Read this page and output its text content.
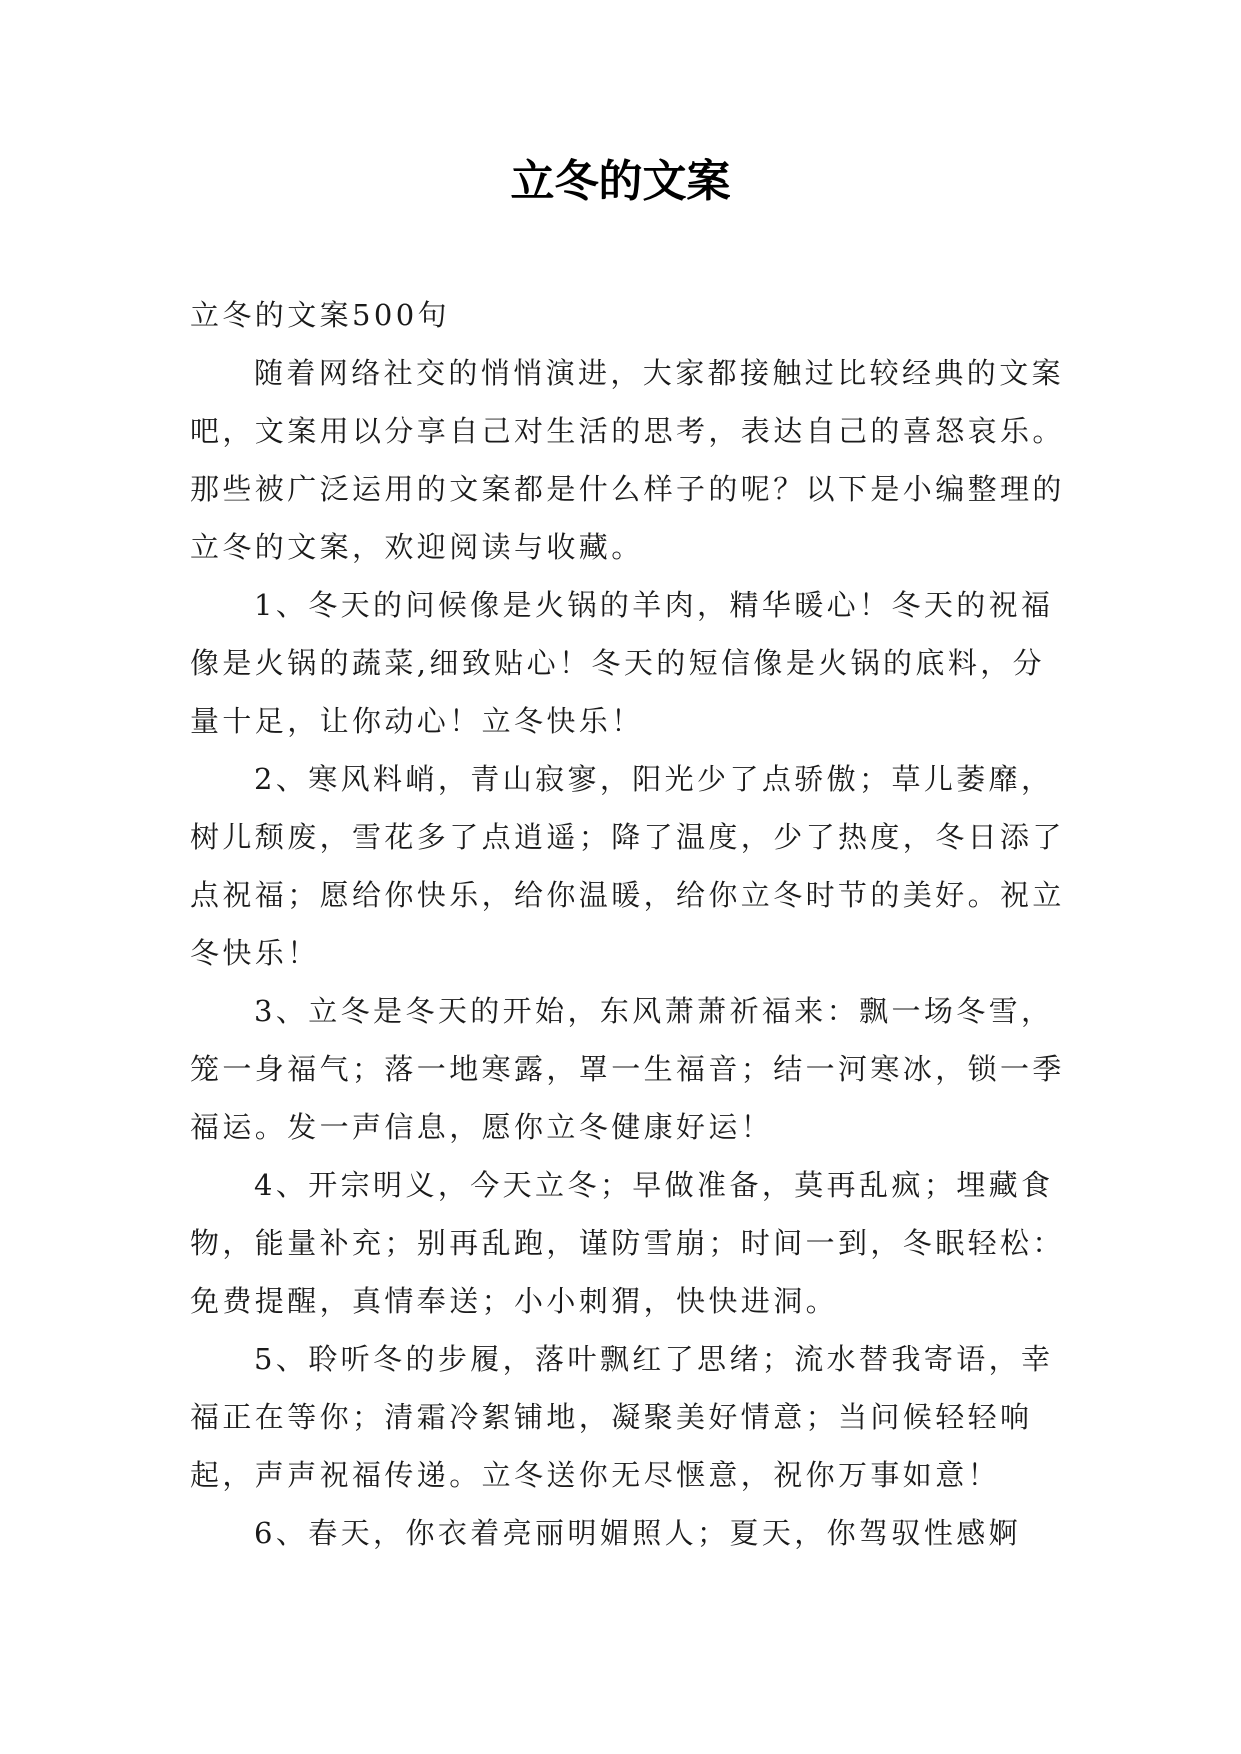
立冬的文案

立冬的文案500句

随着网络社交的悄悄演进，大家都接触过比较经典的文案吧，文案用以分享自己对生活的思考，表达自己的喜怒哀乐。那些被广泛运用的文案都是什么样子的呢？以下是小编整理的立冬的文案，欢迎阅读与收藏。

1、冬天的问候像是火锅的羊肉，精华暖心！冬天的祝福像是火锅的蔬菜,细致贴心！冬天的短信像是火锅的底料，分量十足，让你动心！立冬快乐！

2、寒风料峭，青山寂寥，阳光少了点骄傲；草儿萎靡，树儿颓废，雪花多了点逍遥；降了温度，少了热度，冬日添了点祝福；愿给你快乐，给你温暖，给你立冬时节的美好。祝立冬快乐！

3、立冬是冬天的开始，东风萧萧祈福来：飘一场冬雪，笼一身福气；落一地寒露，罩一生福音；结一河寒冰，锁一季福运。发一声信息，愿你立冬健康好运！

4、开宗明义，今天立冬；早做准备，莫再乱疯；埋藏食物，能量补充；别再乱跑，谨防雪崩；时间一到，冬眠轻松：免费提醒，真情奉送；小小刺猬，快快进洞。

5、聆听冬的步履，落叶飘红了思绪；流水替我寄语，幸福正在等你；清霜冷絮铺地，凝聚美好情意；当问候轻轻响起，声声祝福传递。立冬送你无尽惬意，祝你万事如意！

6、春天，你衣着亮丽明媚照人；夏天，你驾驭性感婀
